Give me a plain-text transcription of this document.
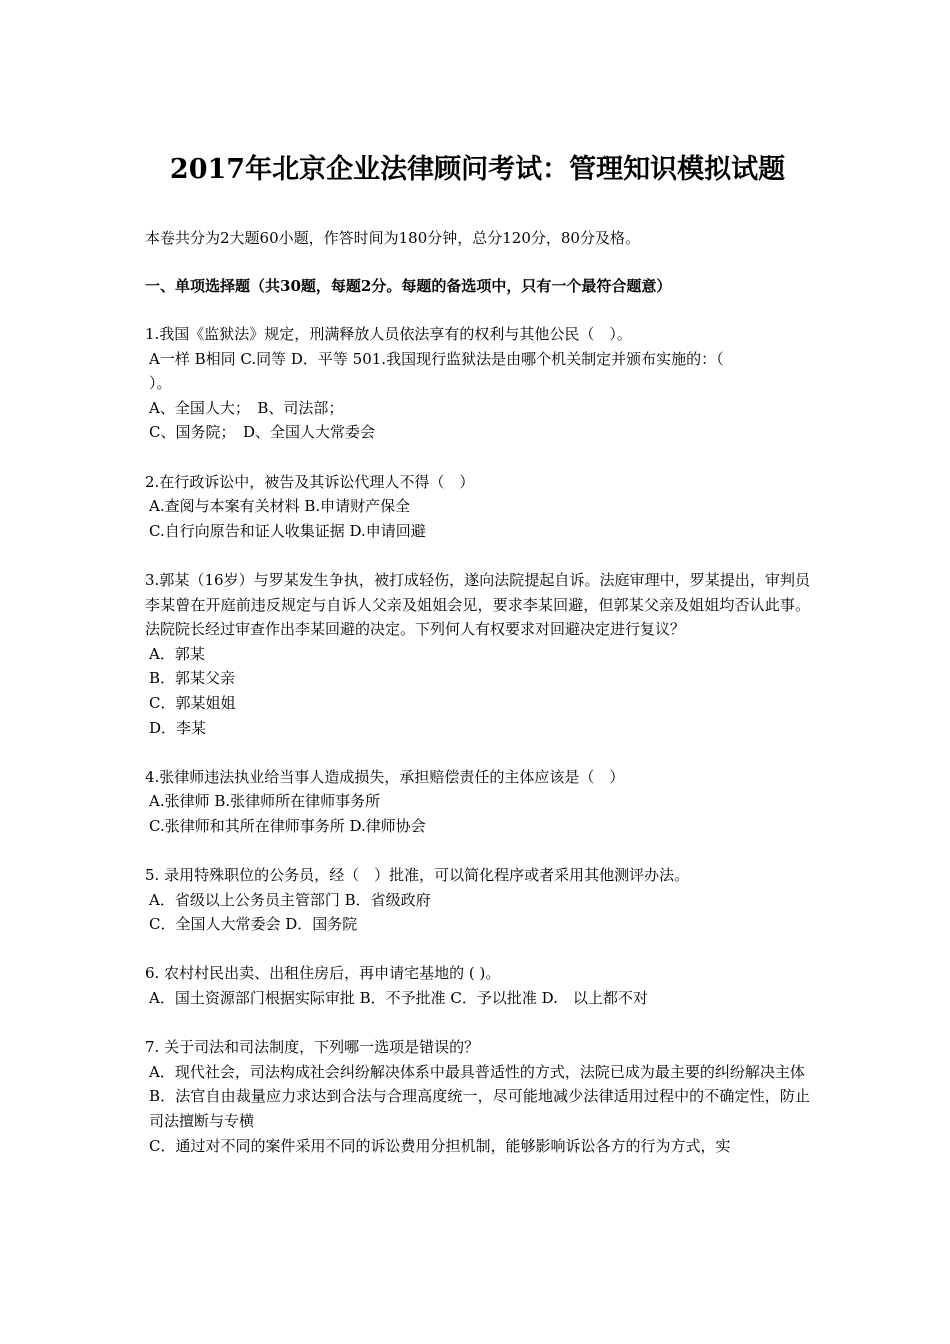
2017年北京企业法律顾问考试：管理知识模拟试题
本卷共分为2大题60小题，作答时间为180分钟，总分120分，80分及格。
一、单项选择题（共30题，每题2分。每题的备选项中，只有一个最符合题意）
1.我国《监狱法》规定，刑满释放人员依法享有的权利与其他公民（　）。
A一样 B相同 C.同等 D．平等 501.我国现行监狱法是由哪个机关制定并颁布实施的：（
）。
A、全国人大；　B、司法部；
C、国务院；　D、全国人大常委会
2.在行政诉讼中，被告及其诉讼代理人不得（　）
A.查阅与本案有关材料 B.申请财产保全
C.自行向原告和证人收集证据 D.申请回避
3.郭某（16岁）与罗某发生争执，被打成轻伤，遂向法院提起自诉。法庭审理中，罗某提出，审判员李某曾在开庭前违反规定与自诉人父亲及姐姐会见，要求李某回避，但郭某父亲及姐姐均否认此事。法院院长经过审查作出李某回避的决定。下列何人有权要求对回避决定进行复议？
A．郭某
B．郭某父亲
C．郭某姐姐
D．李某
4.张律师违法执业给当事人造成损失，承担赔偿责任的主体应该是（　）
A.张律师 B.张律师所在律师事务所
C.张律师和其所在律师事务所 D.律师协会
5. 录用特殊职位的公务员，经（　）批准，可以简化程序或者采用其他测评办法。
A．省级以上公务员主管部门 B．省级政府
C．全国人大常委会 D．国务院
6. 农村村民出卖、出租住房后，再申请宅基地的 ( )。
A．国土资源部门根据实际审批 B．不予批准 C．予以批准 D.　以上都不对
7. 关于司法和司法制度，下列哪一选项是错误的？
A．现代社会，司法构成社会纠纷解决体系中最具普适性的方式，法院已成为最主要的纠纷解决主体
B．法官自由裁量应力求达到合法与合理高度统一，尽可能地减少法律适用过程中的不确定性，防止司法擅断与专横
C．通过对不同的案件采用不同的诉讼费用分担机制，能够影响诉讼各方的行为方式，实
